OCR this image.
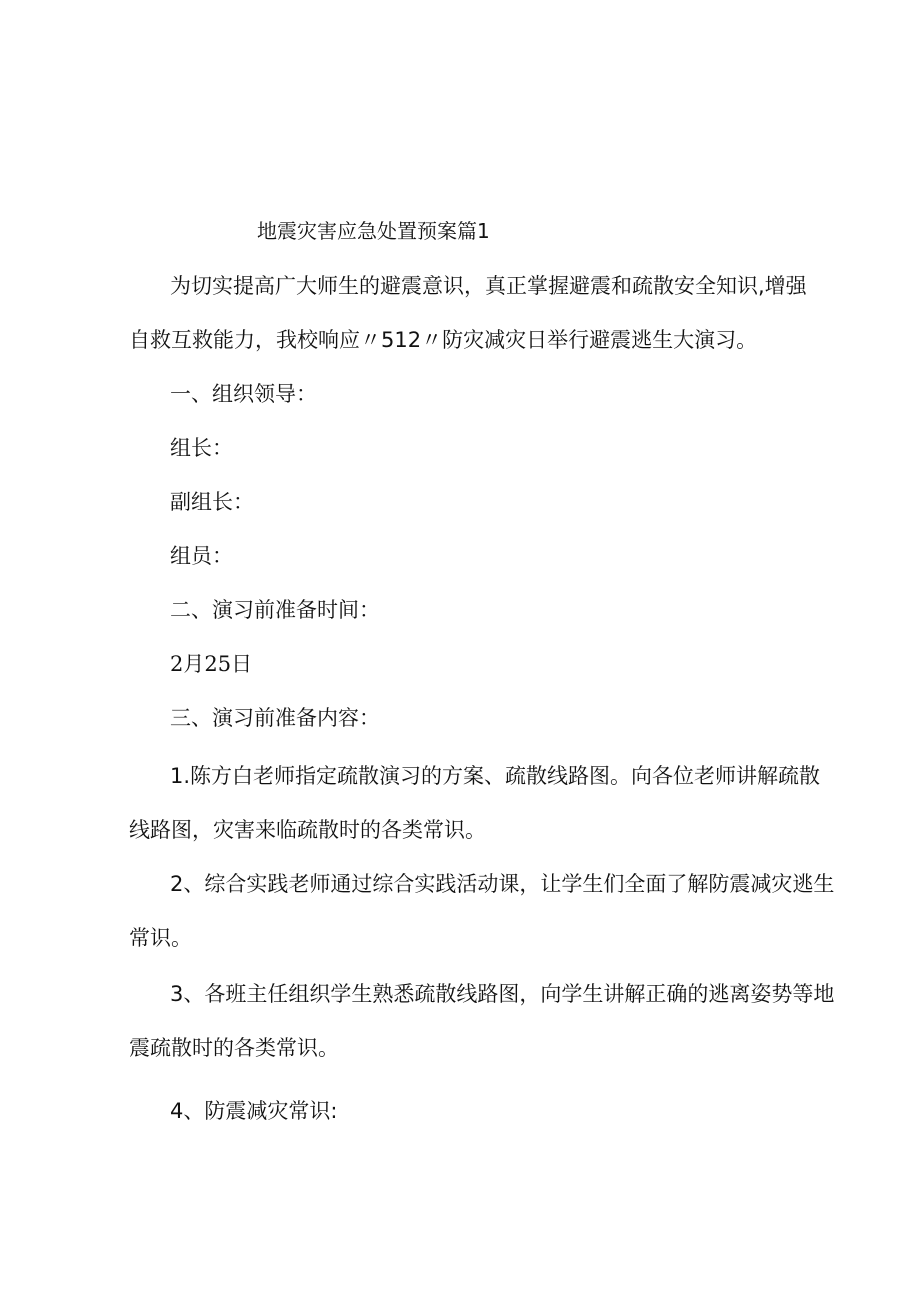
地震灾害应急处置预案篇1

为切实提高广大师生的避震意识，真正掌握避震和疏散安全知识,增强

自救互救能力，我校响应〃512〃防灾减灾日举行避震逃生大演习。

一、组织领导：

组长：

副组长：

组员：

二、演习前准备时间：

2月25日

三、演习前准备内容：

1.陈方白老师指定疏散演习的方案、疏散线路图。向各位老师讲解疏散

线路图，灾害来临疏散时的各类常识。

2、综合实践老师通过综合实践活动课，让学生们全面了解防震减灾逃生

常识。

3、各班主任组织学生熟悉疏散线路图，向学生讲解正确的逃离姿势等地

震疏散时的各类常识。

4、防震减灾常识:
